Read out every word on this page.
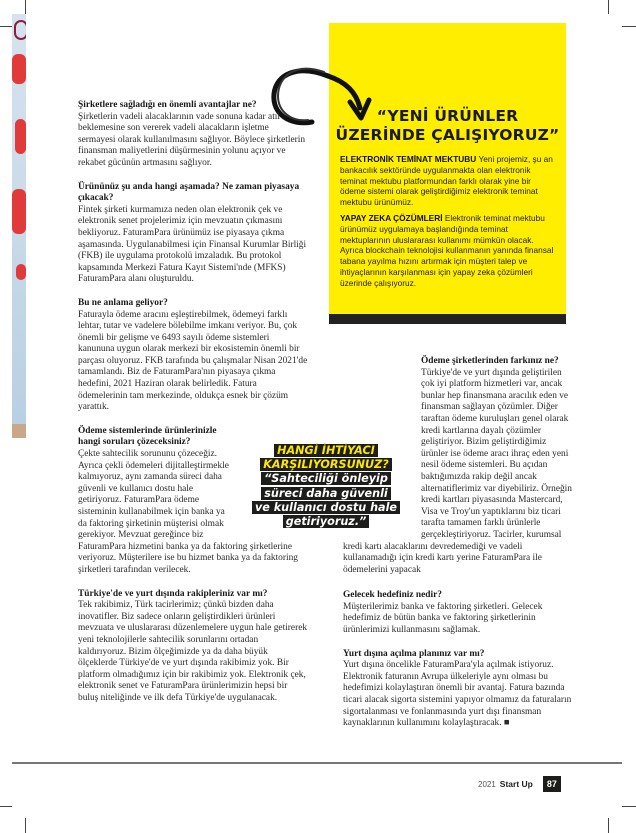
“YENİ ÜRÜNLER
ÜZERİNDE ÇALIŞIYORUZ”

ELEKTRONİK TEMİNAT MEKTUBU Yeni projemiz, şu an bankacılık sektöründe uygulanmakta olan elektronik teminat mektubu platformundan farklı olarak yine bir ödeme sistemi olarak geliştirdiğimiz elektronik teminat mektubu ürünümüz.

YAPAY ZEKA ÇÖZÜMLERİ Elektronik teminat mektubu ürünümüz uygulamaya başlandığında teminat mektuplarının uluslararası kullanımı mümkün olacak. Ayrıca blockchain teknolojisi kullanmanın yanında finansal tabana yayılma hızını artırmak için müşteri talep ve ihtiyaçlarının karşılanması için yapay zeka çözümleri üzerinde çalışıyoruz.

Şirketlere sağladığı en önemli avantajlar ne?

Şirketlerin vadeli alacaklarının vade sonuna kadar atıl beklemesine son vererek vadeli alacakların işletme sermayesi olarak kullanılmasını sağlıyor. Böylece şirketlerin finansman maliyetlerini düşürmesinin yolunu açıyor ve rekabet gücünün artmasını sağlıyor.

Ürününüz şu anda hangi aşamada? Ne zaman piyasaya çıkacak?

Fintek şirketi kurmamıza neden olan elektronik çek ve elektronik senet projelerimiz için mevzuatın çıkmasını bekliyoruz. FaturamPara ürünümüz ise piyasaya çıkma aşamasında. Uygulanabilmesi için Finansal Kurumlar Birliği (FKB) ile uygulama protokolü imzaladık. Bu protokol kapsamında Merkezi Fatura Kayıt Sistemi'nde (MFKS) FaturamPara alanı oluşturuldu.

Bu ne anlama geliyor?

Faturayla ödeme aracını eşleştirebilmek, ödemeyi farklı lehtar, tutar ve vadelere bölebilme imkanı veriyor. Bu, çok önemli bir gelişme ve 6493 sayılı ödeme sistemleri kanununa uygun olarak merkezi bir ekosistemin önemli bir parçası oluyoruz. FKB tarafında bu çalışmalar Nisan 2021'de tamamlandı. Biz de FaturamPara'nın piyasaya çıkma hedefini, 2021 Haziran olarak belirledik. Fatura ödemelerinin tam merkezinde, oldukça esnek bir çözüm yarattık.

Ödeme sistemlerinde ürünlerinizle hangi soruları çözeceksiniz?

Çekte sahtecilik sorununu çözeceğiz. Ayrıca çekli ödemeleri dijitalleştirmekle kalmıyoruz, aynı zamanda süreci daha güvenli ve kullanıcı dostu hale getiriyoruz. FaturamPara ödeme sisteminin kullanabilmek için banka ya da faktoring şirketinin müşterisi olmak gerekiyor. Mevzuat gereğince biz FaturamPara hizmetini banka ya da faktoring şirketlerine veriyoruz. Müşterilere ise bu hizmet banka ya da faktoring şirketleri tarafından verilecek.

Türkiye'de ve yurt dışında rakipleriniz var mı?

Tek rakibimiz, Türk tacirlerimiz; çünkü bizden daha inovatifler. Biz sadece onların geliştirdikleri ürünleri mevzuata ve uluslararası düzenlemelere uygun hale getirerek yeni teknolojilerle sahtecilik sorunlarını ortadan kaldırıyoruz. Bizim ölçeğimizde ya da daha büyük ölçeklerde Türkiye'de ve yurt dışında rakibimiz yok. Bir platform olmadığımız için bir rakibimiz yok. Elektronik çek, elektronik senet ve FaturamPara ürünlerimizin hepsi bir buluş niteliğinde ve ilk defa Türkiye'de uygulanacak.

Ödeme şirketlerinden farkınız ne?

Türkiye'de ve yurt dışında geliştirilen çok iyi platform hizmetleri var, ancak bunlar hep finansmana aracılık eden ve finansman sağlayan çözümler. Diğer taraftan ödeme kuruluşları genel olarak kredi kartlarına dayalı çözümler geliştiriyor. Bizim geliştirdiğimiz ürünler ise ödeme aracı ihraç eden yeni nesil ödeme sistemleri. Bu açıdan baktığımızda rakip değil ancak alternatiflerimiz var diyebiliriz. Örneğin kredi kartları piyasasında Mastercard, Visa ve Troy'un yaptıklarını biz ticari tarafta tamamen farklı ürünlerle gerçekleştiriyoruz. Tacirler, kurumsal kredi kartı alacaklarını devredemediği ve vadeli kullanamadığı için kredi kartı yerine FaturamPara ile ödemelerini yapacak

Gelecek hedefiniz nedir?

Müşterilerimiz banka ve faktoring şirketleri. Gelecek hedefimiz de bütün banka ve faktoring şirketlerinin ürünlerimizi kullanmasını sağlamak.

Yurt dışına açılma planınız var mı?

Yurt dışına öncelikle FaturamPara'yla açılmak istiyoruz. Elektronik faturanın Avrupa ülkeleriyle aynı olması bu hedefimizi kolaylaştıran önemli bir avantaj. Fatura bazında ticari alacak sigorta sistemini yapıyor olmamız da faturaların sigortalanması ve fonlanmasında yurt dışı finansman kaynaklarının kullanımını kolaylaştıracak. ■

HANGİ İHTİYACI
KARŞILIYORSUNUZ?
“Sahteciliği önleyip
süreci daha güvenli
ve kullanıcı dostu hale
getiriyoruz.”
2021 Start Up	87
